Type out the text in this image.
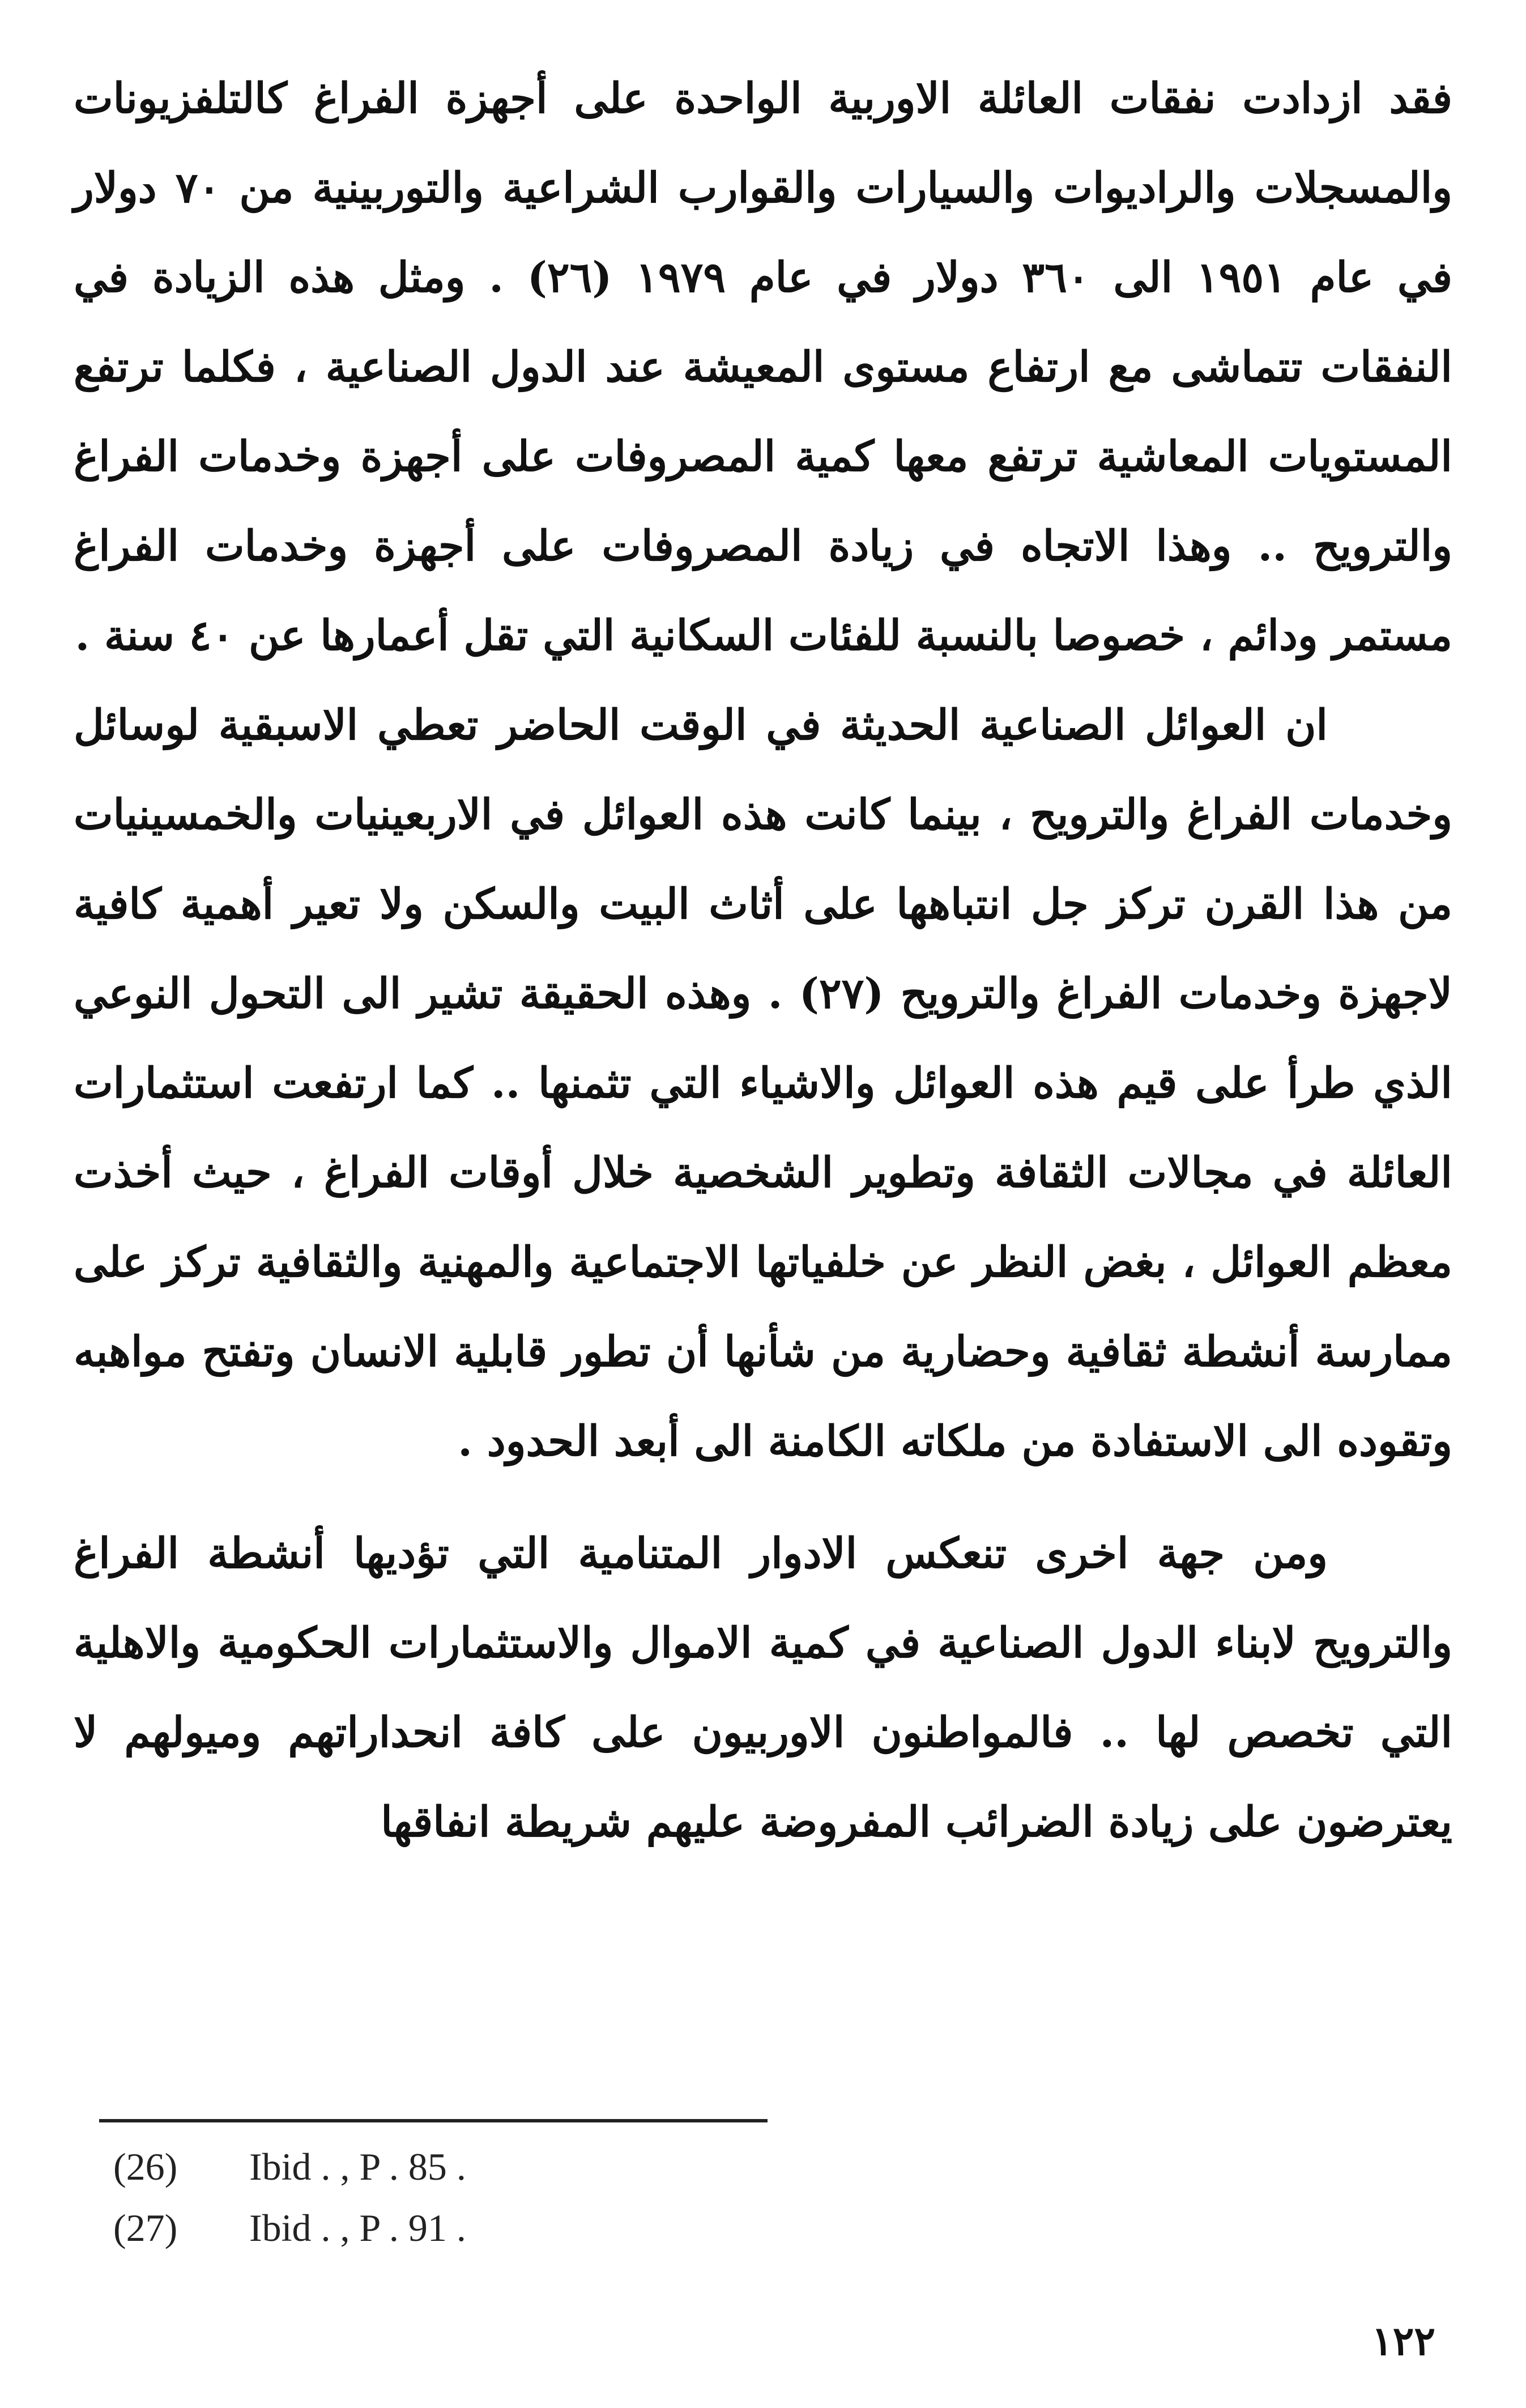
فقد ازدادت نفقات العائلة الاوربية الواحدة على أجهزة الفراغ كالتلفزيونات والمسجلات والراديوات والسيارات والقوارب الشراعية والتوربينية من ٧٠ دولار في عام ١٩٥١ الى ٣٦٠ دولار في عام ١٩٧٩ (٢٦) . ومثل هذه الزيادة في النفقات تتماشى مع ارتفاع مستوى المعيشة عند الدول الصناعية ، فكلما ترتفع المستويات المعاشية ترتفع معها كمية المصروفات على أجهزة وخدمات الفراغ والترويح .. وهذا الاتجاه في زيادة المصروفات على أجهزة وخدمات الفراغ مستمر ودائم ، خصوصا بالنسبة للفئات السكانية التي تقل أعمارها عن ٤٠ سنة .

ان العوائل الصناعية الحديثة في الوقت الحاضر تعطي الاسبقية لوسائل وخدمات الفراغ والترويح ، بينما كانت هذه العوائل في الاربعينيات والخمسينيات من هذا القرن تركز جل انتباهها على أثاث البيت والسكن ولا تعير أهمية كافية لاجهزة وخدمات الفراغ والترويح (٢٧) . وهذه الحقيقة تشير الى التحول النوعي الذي طرأ على قيم هذه العوائل والاشياء التي تثمنها .. كما ارتفعت استثمارات العائلة في مجالات الثقافة وتطوير الشخصية خلال أوقات الفراغ ، حيث أخذت معظم العوائل ، بغض النظر عن خلفياتها الاجتماعية والمهنية والثقافية تركز على ممارسة أنشطة ثقافية وحضارية من شأنها أن تطور قابلية الانسان وتفتح مواهبه وتقوده الى الاستفادة من ملكاته الكامنة الى أبعد الحدود .

ومن جهة اخرى تنعكس الادوار المتنامية التي تؤديها أنشطة الفراغ والترويح لابناء الدول الصناعية في كمية الاموال والاستثمارات الحكومية والاهلية التي تخصص لها .. فالمواطنون الاوربيون على كافة انحداراتهم وميولهم لا يعترضون على زيادة الضرائب المفروضة عليهم شريطة انفاقها

(26)	Ibid . , P . 85 .
(27)	Ibid . , P . 91 .
١٢٢
